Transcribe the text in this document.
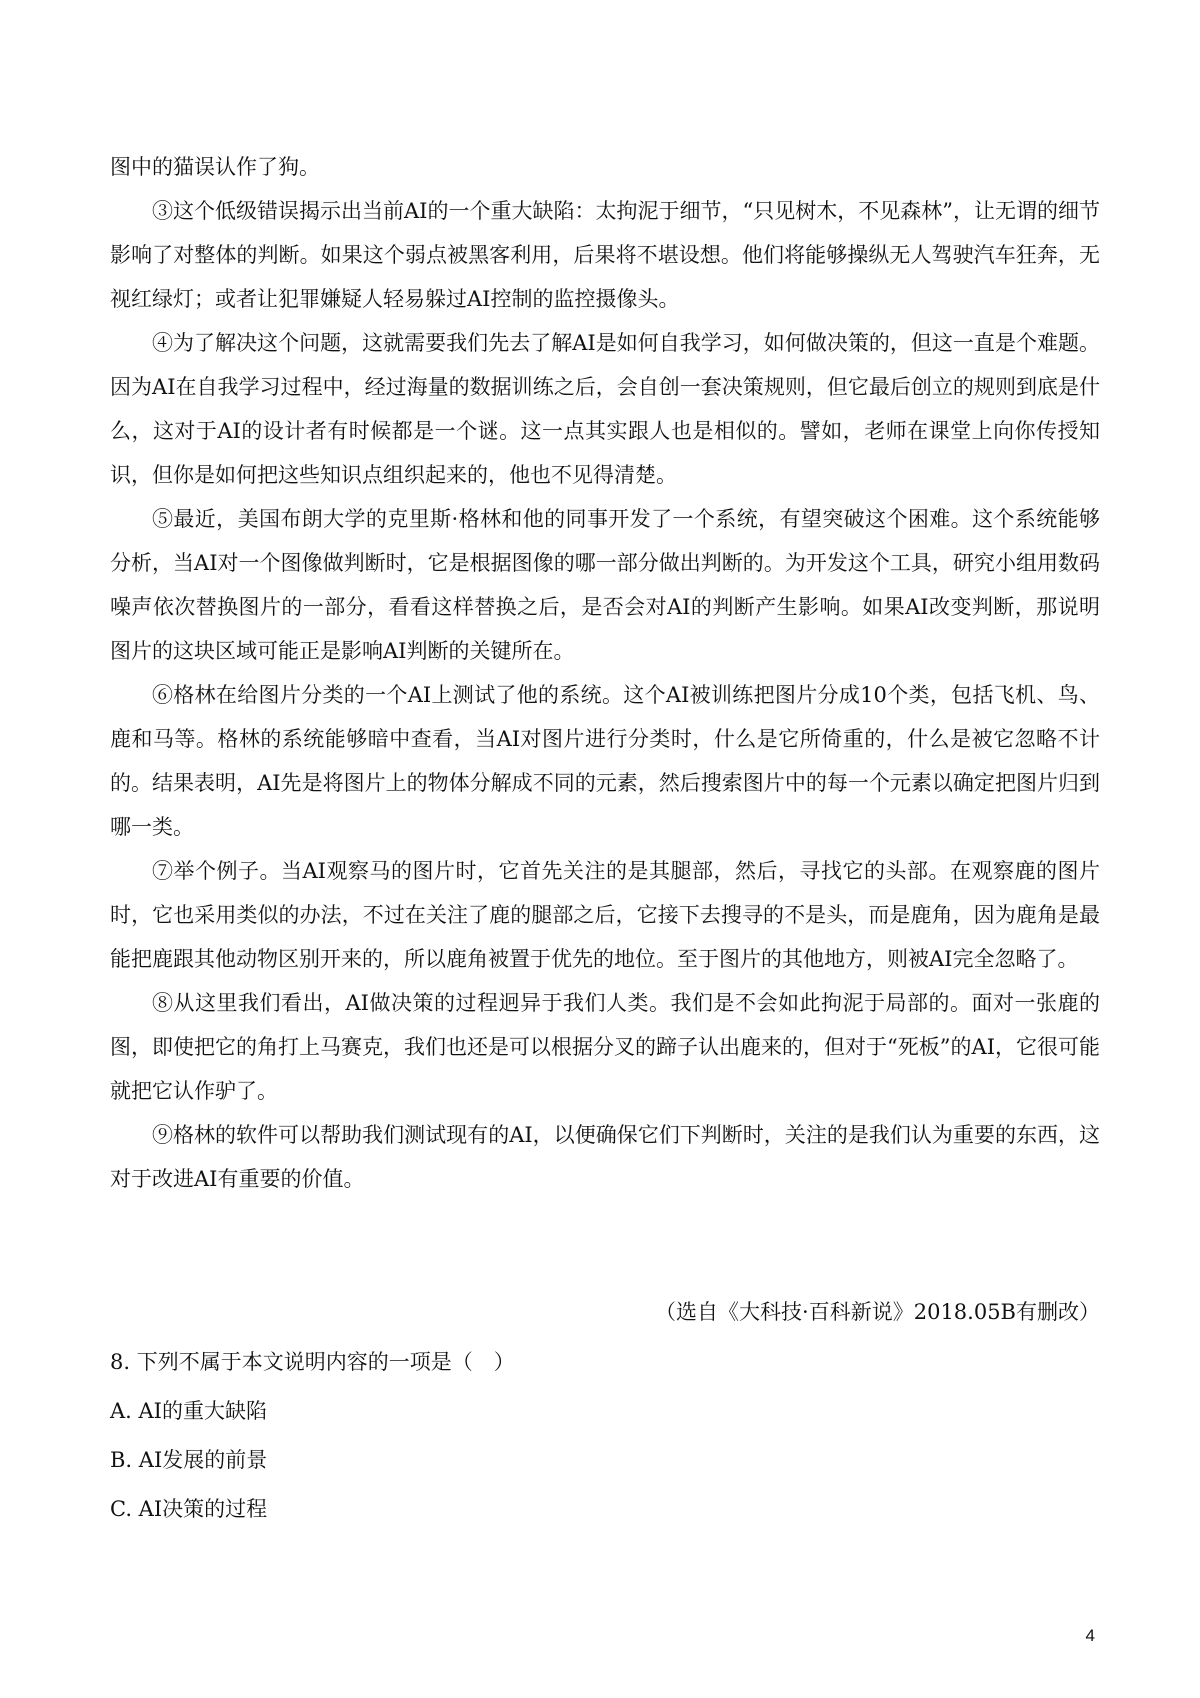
图中的猫误认作了狗。

③这个低级错误揭示出当前AI的一个重大缺陷：太拘泥于细节，“只见树木，不见森林”，让无谓的细节影响了对整体的判断。如果这个弱点被黑客利用，后果将不堪设想。他们将能够操纵无人驾驶汽车狂奔，无视红绿灯；或者让犯罪嫌疑人轻易躲过AI控制的监控摄像头。

④为了解决这个问题，这就需要我们先去了解AI是如何自我学习，如何做决策的，但这一直是个难题。因为AI在自我学习过程中，经过海量的数据训练之后，会自创一套决策规则，但它最后创立的规则到底是什么，这对于AI的设计者有时候都是一个谜。这一点其实跟人也是相似的。譬如，老师在课堂上向你传授知识，但你是如何把这些知识点组织起来的，他也不见得清楚。

⑤最近，美国布朗大学的克里斯·格林和他的同事开发了一个系统，有望突破这个困难。这个系统能够分析，当AI对一个图像做判断时，它是根据图像的哪一部分做出判断的。为开发这个工具，研究小组用数码噪声依次替换图片的一部分，看看这样替换之后，是否会对AI的判断产生影响。如果AI改变判断，那说明图片的这块区域可能正是影响AI判断的关键所在。

⑥格林在给图片分类的一个AI上测试了他的系统。这个AI被训练把图片分成10个类，包括飞机、鸟、鹿和马等。格林的系统能够暗中查看，当AI对图片进行分类时，什么是它所倚重的，什么是被它忽略不计的。结果表明，AI先是将图片上的物体分解成不同的元素，然后搜索图片中的每一个元素以确定把图片归到哪一类。

⑦举个例子。当AI观察马的图片时，它首先关注的是其腿部，然后，寻找它的头部。在观察鹿的图片时，它也采用类似的办法，不过在关注了鹿的腿部之后，它接下去搜寻的不是头，而是鹿角，因为鹿角是最能把鹿跟其他动物区别开来的，所以鹿角被置于优先的地位。至于图片的其他地方，则被AI完全忽略了。

⑧从这里我们看出，AI做决策的过程迥异于我们人类。我们是不会如此拘泥于局部的。面对一张鹿的图，即使把它的角打上马赛克，我们也还是可以根据分叉的蹄子认出鹿来的，但对于“死板”的AI，它很可能就把它认作驴了。

⑨格林的软件可以帮助我们测试现有的AI，以便确保它们下判断时，关注的是我们认为重要的东西，这对于改进AI有重要的价值。

（选自《大科技·百科新说》2018.05B有删改）

8. 下列不属于本文说明内容的一项是（　）

A. AI的重大缺陷

B. AI发展的前景

C. AI决策的过程

4
